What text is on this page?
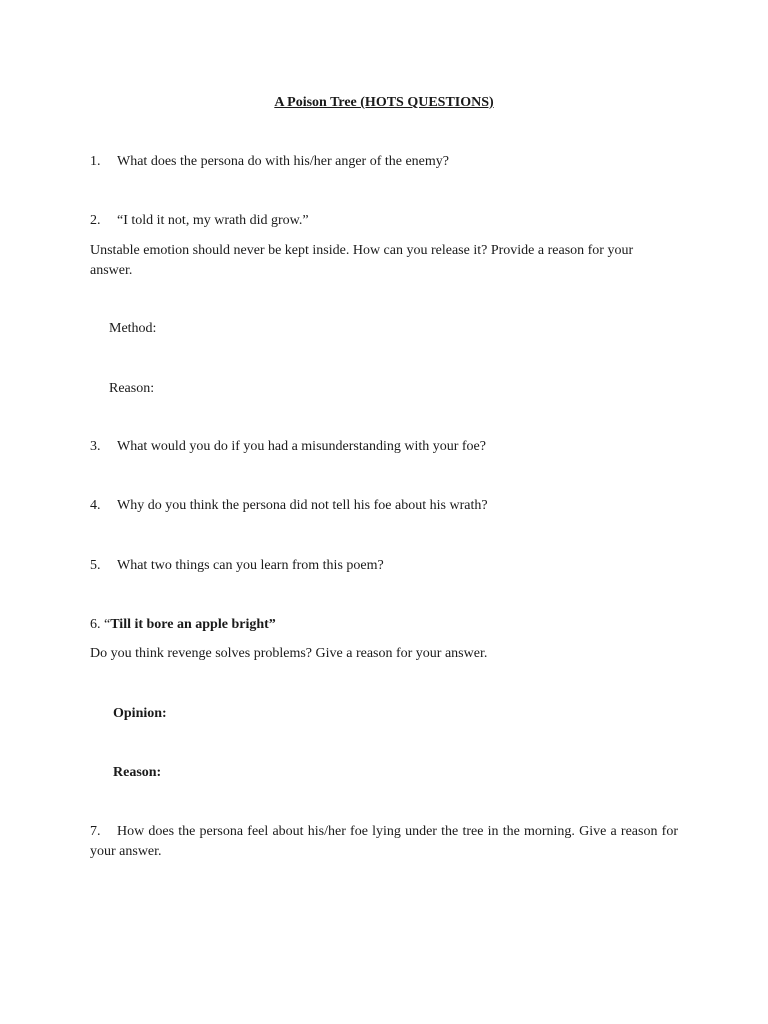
A Poison Tree (HOTS QUESTIONS)
1. What does the persona do with his/her anger of the enemy?
2. “I told it not, my wrath did grow.”
Unstable emotion should never be kept inside. How can you release it? Provide a reason for your answer.
Method:
Reason:
3. What would you do if you had a misunderstanding with your foe?
4. Why do you think the persona did not tell his foe about his wrath?
5. What two things can you learn from this poem?
6. “Till it bore an apple bright”
Do you think revenge solves problems? Give a reason for your answer.
Opinion:
Reason:
7. How does the persona feel about his/her foe lying under the tree in the morning. Give a reason for your answer.
